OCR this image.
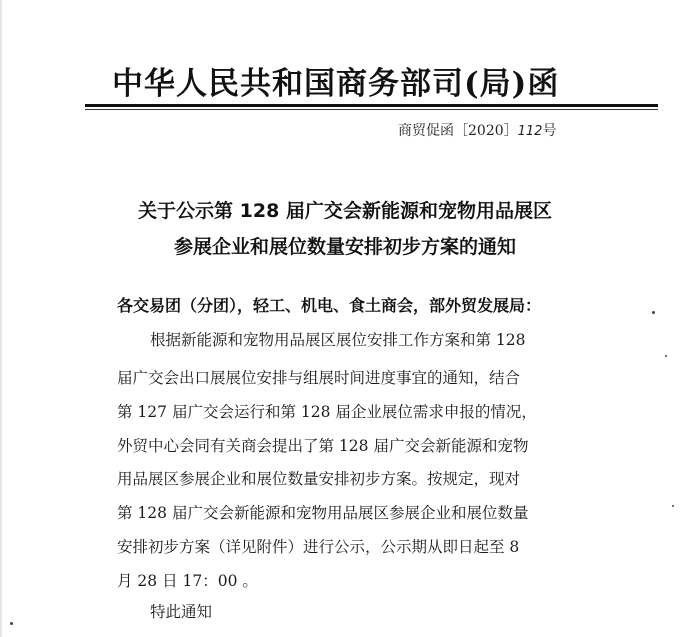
中华人民共和国商务部司(局)函
商贸促函［2020］112号
关于公示第 128 届广交会新能源和宠物用品展区
参展企业和展位数量安排初步方案的通知
各交易团（分团），轻工、机电、食土商会，部外贸发展局：
根据新能源和宠物用品展区展位安排工作方案和第 128
届广交会出口展展位安排与组展时间进度事宜的通知，结合
第 127 届广交会运行和第 128 届企业展位需求申报的情况，
外贸中心会同有关商会提出了第 128 届广交会新能源和宠物
用品展区参展企业和展位数量安排初步方案。按规定，现对
第 128 届广交会新能源和宠物用品展区参展企业和展位数量
安排初步方案（详见附件）进行公示，公示期从即日起至 8
月 28 日 17：00 。
特此通知
